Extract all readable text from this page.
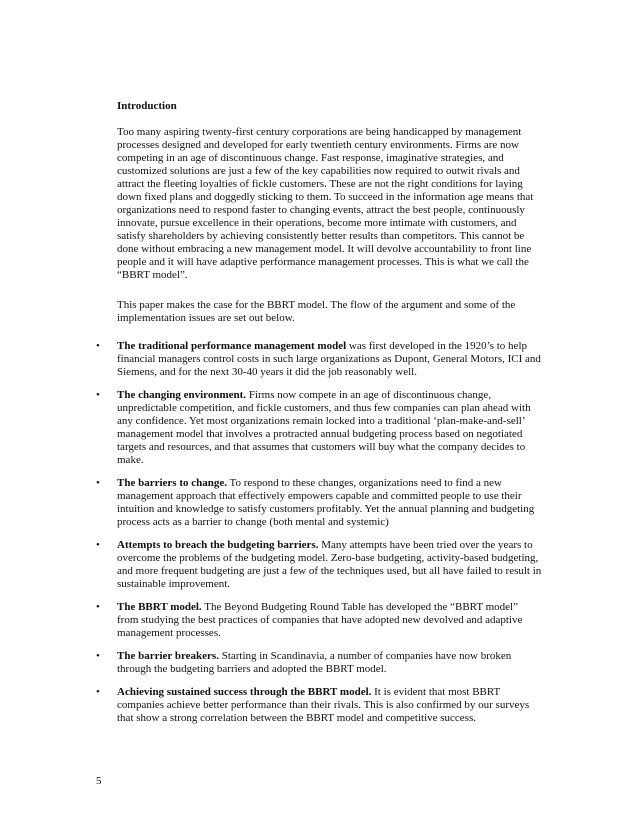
Introduction

Too many aspiring twenty-first century corporations are being handicapped by management processes designed and developed for early twentieth century environments. Firms are now competing in an age of discontinuous change. Fast response, imaginative strategies, and customized solutions are just a few of the key capabilities now required to outwit rivals and attract the fleeting loyalties of fickle customers. These are not the right conditions for laying down fixed plans and doggedly sticking to them. To succeed in the information age means that organizations need to respond faster to changing events, attract the best people, continuously innovate, pursue excellence in their operations, become more intimate with customers, and satisfy shareholders by achieving consistently better results than competitors. This cannot be done without embracing a new management model. It will devolve accountability to front line people and it will have adaptive performance management processes. This is what we call the “BBRT model”.

This paper makes the case for the BBRT model. The flow of the argument and some of the implementation issues are set out below.

• The traditional performance management model was first developed in the 1920’s to help financial managers control costs in such large organizations as Dupont, General Motors, ICI and Siemens, and for the next 30-40 years it did the job reasonably well.
• The changing environment. Firms now compete in an age of discontinuous change, unpredictable competition, and fickle customers, and thus few companies can plan ahead with any confidence. Yet most organizations remain locked into a traditional ‘plan-make-and-sell’ management model that involves a protracted annual budgeting process based on negotiated targets and resources, and that assumes that customers will buy what the company decides to make.
• The barriers to change. To respond to these changes, organizations need to find a new management approach that effectively empowers capable and committed people to use their intuition and knowledge to satisfy customers profitably. Yet the annual planning and budgeting process acts as a barrier to change (both mental and systemic)
• Attempts to breach the budgeting barriers. Many attempts have been tried over the years to overcome the problems of the budgeting model. Zero-base budgeting, activity-based budgeting, and more frequent budgeting are just a few of the techniques used, but all have failed to result in sustainable improvement.
• The BBRT model. The Beyond Budgeting Round Table has developed the “BBRT model” from studying the best practices of companies that have adopted new devolved and adaptive management processes.
• The barrier breakers. Starting in Scandinavia, a number of companies have now broken through the budgeting barriers and adopted the BBRT model.
• Achieving sustained success through the BBRT model. It is evident that most BBRT companies achieve better performance than their rivals. This is also confirmed by our surveys that show a strong correlation between the BBRT model and competitive success.
5
